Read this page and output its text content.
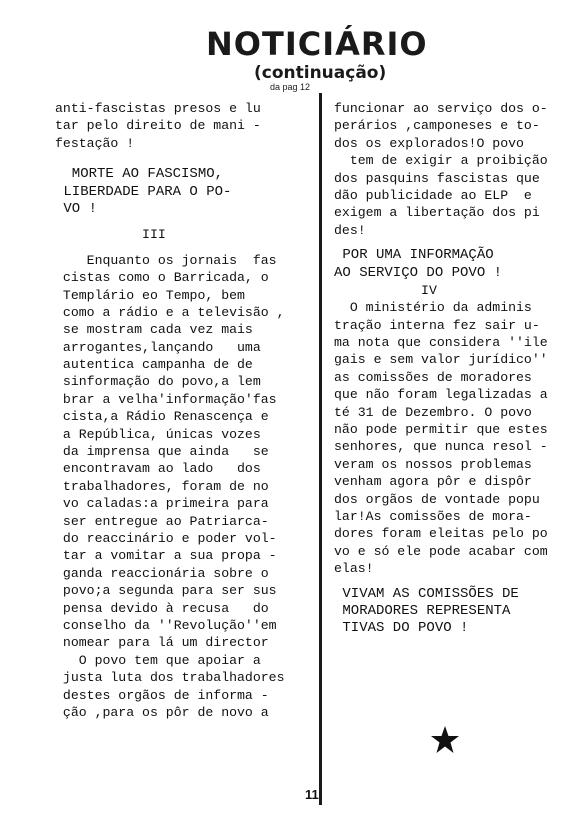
NOTICIÁRIO
(continuação)
da pag 12
anti-fascistas presos e lu
tar pelo direito de mani -
festação !
MORTE AO FASCISMO,
LIBERDADE PARA O PO-
VO !
III
Enquanto os jornais  fas
cistas como o Barricada, o
Templário eo Tempo, bem
como a rádio e a televisão ,
se mostram cada vez mais
arrogantes,lançando   uma
autentica campanha de de
sinformação do povo,a lem
brar a velha'informação'fas
cista,a Rádio Renascença e
a República, únicas vozes
da imprensa que ainda   se
encontravam ao lado   dos
trabalhadores, foram de no
vo caladas:a primeira para
ser entregue ao Patriarca-
do reaccinário e poder vol-
tar a vomitar a sua propa -
ganda reaccionária sobre o
povo;a segunda para ser sus
pensa devido à recusa   do
conselho da ''Revolução''em
nomear para lá um director
O povo tem que apoiar a
justa luta dos trabalhadores
destes orgãos de informa -
ção ,para os pôr de novo a
funcionar ao serviço dos o-
perários ,camponeses e to-
dos os explorados!O povo
tem de exigir a proibição
dos pasquins fascistas que
dão publicidade ao ELP  e
exigem a libertação dos pi
des!
POR UMA INFORMAÇÃO
AO SERVIÇO DO POVO !
IV
O ministério da adminis
tração interna fez sair u-
ma nota que considera ''ile
gais e sem valor jurídico''
as comissões de moradores
que não foram legalizadas a
té 31 de Dezembro. O povo
não pode permitir que estes
senhores, que nunca resol -
veram os nossos problemas
venham agora pôr e dispôr
dos orgãos de vontade popu
lar!As comissões de mora-
dores foram eleitas pelo po
vo e só ele pode acabar com
elas!
VIVAM AS COMISSÕES DE
MORADORES REPRESENTA
TIVAS DO POVO !
11
